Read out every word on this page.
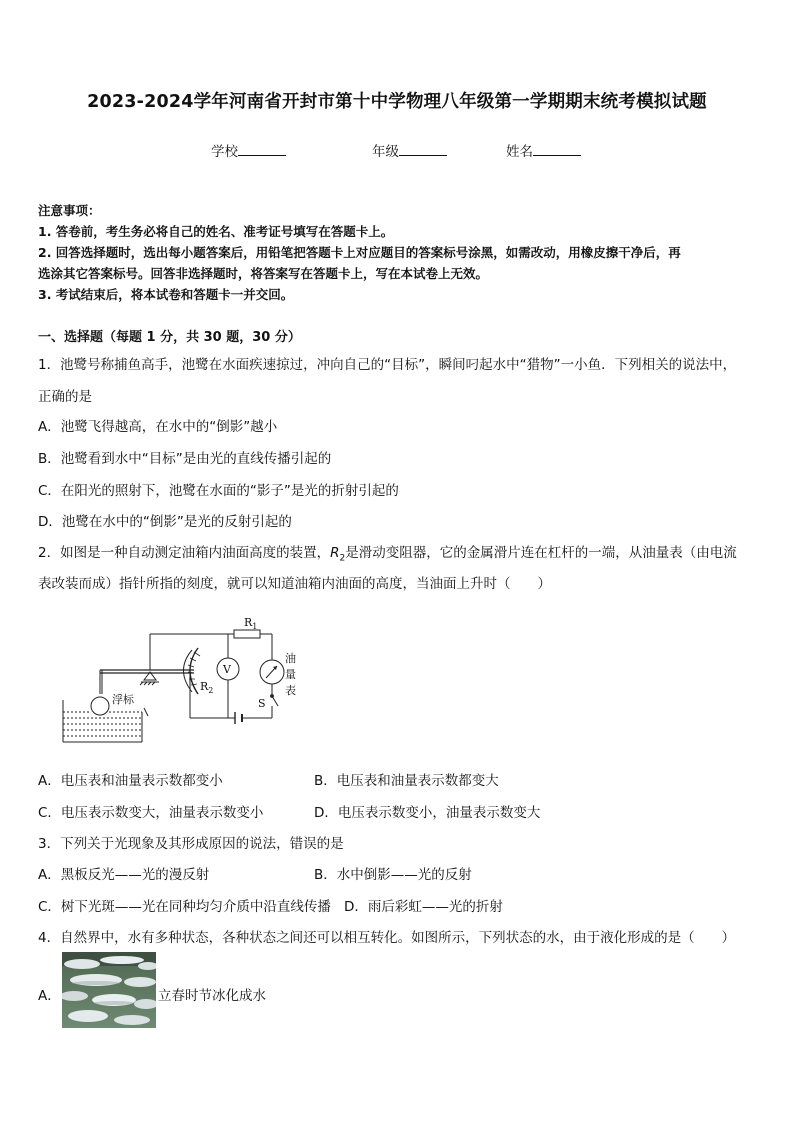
2023-2024学年河南省开封市第十中学物理八年级第一学期期末统考模拟试题
学校	年级	姓名
注意事项：
1. 答卷前，考生务必将自己的姓名、准考证号填写在答题卡上。
2. 回答选择题时，选出每小题答案后，用铅笔把答题卡上对应题目的答案标号涂黑，如需改动，用橡皮擦干净后，再
选涂其它答案标号。回答非选择题时，将答案写在答题卡上，写在本试卷上无效。
3. 考试结束后，将本试卷和答题卡一并交回。
一、选择题（每题 1 分，共 30 题，30 分）
1．池鹭号称捕鱼高手，池鹭在水面疾速掠过，冲向自己的“目标”，瞬间叼起水中“猎物”一小鱼．下列相关的说法中，
正确的是
A．池鹭飞得越高，在水中的“倒影”越小
B．池鹭看到水中“目标”是由光的直线传播引起的
C．在阳光的照射下，池鹭在水面的“影子”是光的折射引起的
D．池鹭在水中的“倒影”是光的反射引起的
2．如图是一种自动测定油箱内油面高度的装置，$R_2$是滑动变阻器，它的金属滑片连在杠杆的一端，从油量表（由电流
表改装而成）指针所指的刻度，就可以知道油箱内油面的高度，当油面上升时（　　）
$R_1$
$R_2$
V
S
浮标
油
量
表
A．电压表和油量表示数都变小	B．电压表和油量表示数都变大
C．电压表示数变大，油量表示数变小	D．电压表示数变小，油量表示数变大
3．下列关于光现象及其形成原因的说法，错误的是
A．黑板反光——光的漫反射	B．水中倒影——光的反射
C．树下光斑——光在同种均匀介质中沿直线传播 D．雨后彩虹——光的折射
4．自然界中，水有多种状态，各种状态之间还可以相互转化。如图所示，下列状态的水，由于液化形成的是（　　）
A．	立春时节冰化成水
